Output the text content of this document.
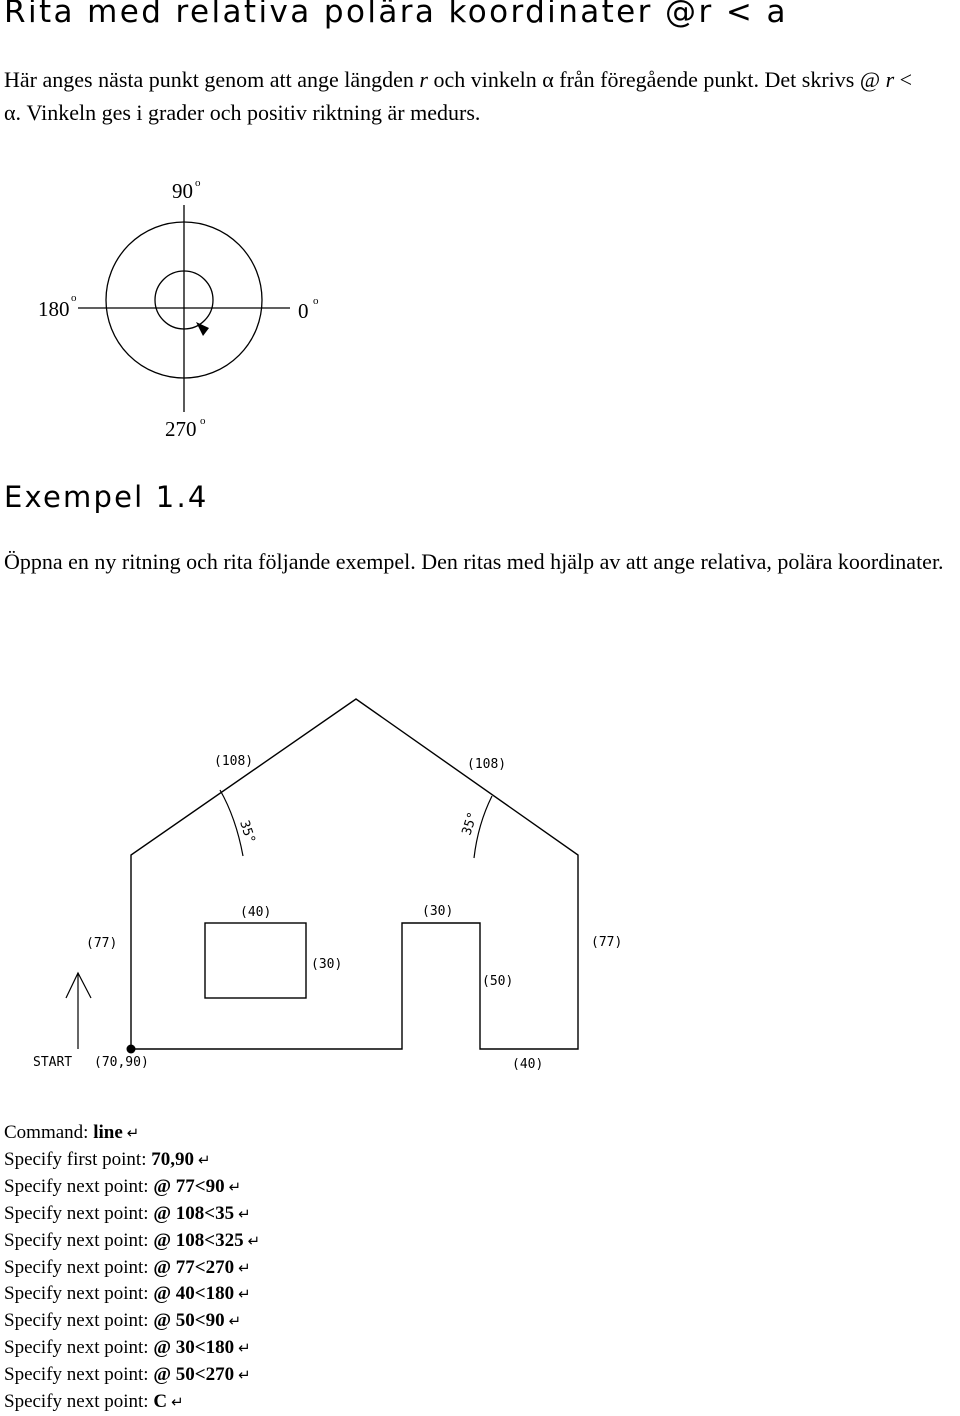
Rita med relativa polära koordinater @r < a

Här anges nästa punkt genom att ange längden r och vinkeln α från föregående punkt. Det skrivs @ r < α. Vinkeln ges i grader och positiv riktning är medurs.

90 o
180 o
0 o
270 o
Exempel 1.4

Öppna en ny ritning och rita följande exempel. Den ritas med hjälp av att ange relativa, polära koordinater.

(108)	(108)
35°	35°
(40)
(30)
(30)
(50)
(77)	(77)
(40)
START (70,90)
Command: line ↵
Specify first point: 70,90 ↵
Specify next point: @ 77<90 ↵
Specify next point: @ 108<35 ↵
Specify next point: @ 108<325 ↵
Specify next point: @ 77<270 ↵
Specify next point: @ 40<180 ↵
Specify next point: @ 50<90 ↵
Specify next point: @ 30<180 ↵
Specify next point: @ 50<270 ↵
Specify next point: C ↵
